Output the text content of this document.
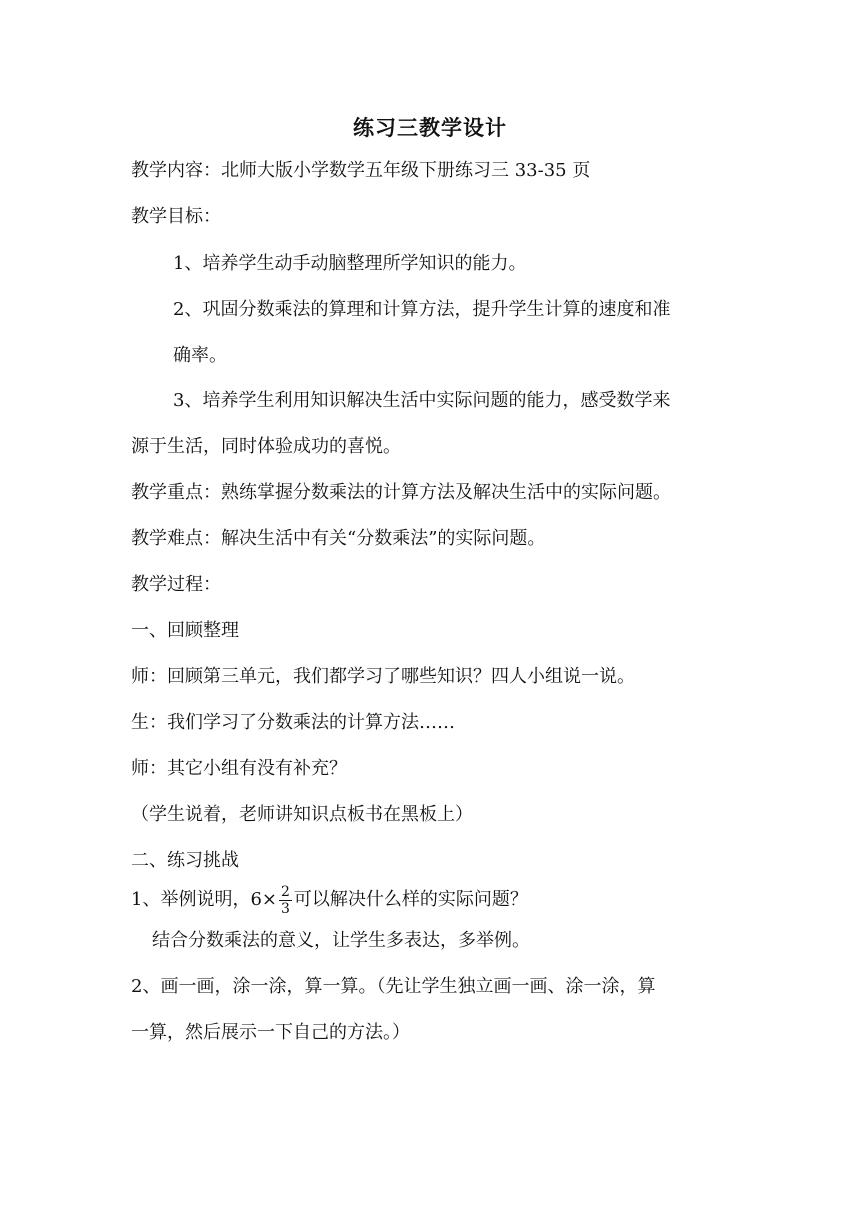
练习三教学设计
教学内容：北师大版小学数学五年级下册练习三 33-35 页
教学目标：
1、培养学生动手动脑整理所学知识的能力。
2、巩固分数乘法的算理和计算方法，提升学生计算的速度和准
确率。
3、培养学生利用知识解决生活中实际问题的能力，感受数学来
源于生活，同时体验成功的喜悦。
教学重点：熟练掌握分数乘法的计算方法及解决生活中的实际问题。
教学难点：解决生活中有关“分数乘法”的实际问题。
教学过程：
一、回顾整理
师：回顾第三单元，我们都学习了哪些知识？四人小组说一说。
生：我们学习了分数乘法的计算方法……
师：其它小组有没有补充？
（学生说着，老师讲知识点板书在黑板上）
二、练习挑战
1、举例说明，$6\times \frac{2}{3}$ 可以解决什么样的实际问题？
结合分数乘法的意义，让学生多表达，多举例。
2、画一画，涂一涂，算一算。（先让学生独立画一画、涂一涂，算
一算，然后展示一下自己的方法。）
